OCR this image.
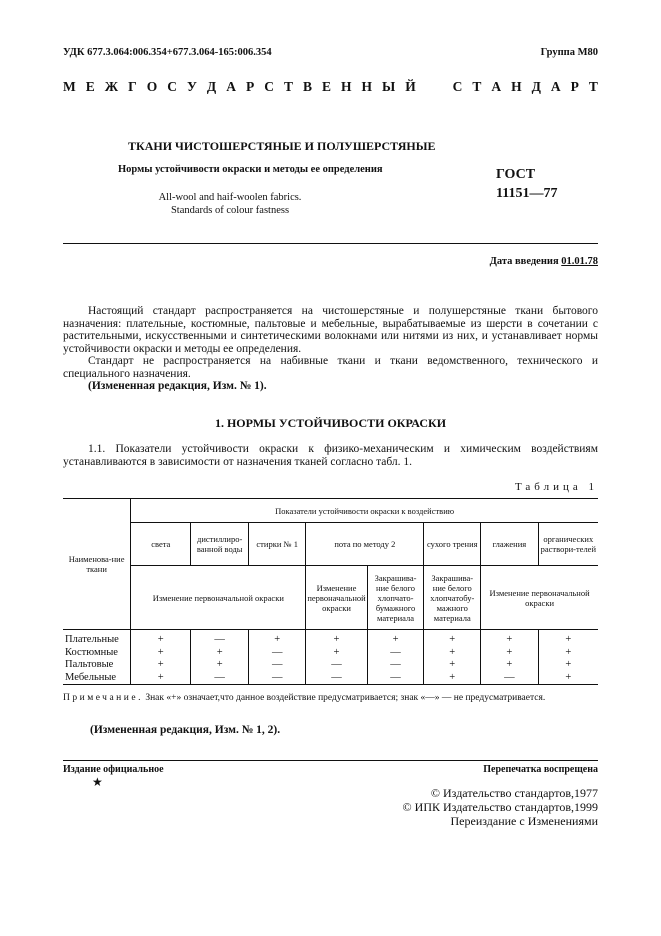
УДК 677.3.064:006.354+677.3.064-165:006.354	Группа М80
М Е Ж Г О С У Д А Р С Т В Е Н Н Ы Й

	С Т А Н Д А Р Т
ТКАНИ ЧИСТОШЕРСТЯНЫЕ И ПОЛУШЕРСТЯНЫЕ
Нормы устойчивости окраски и методы ее определения
All-wool and haif-woolen fabrics.
Standards of colour fastness
ГОСТ
11151—77
Дата введения 01.01.78

Настоящий стандарт распространяется на чистошерстяные и полушерстяные ткани бытового назначения: плательные, костюмные, пальтовые и мебельные, вырабатываемые из шерсти в сочетании с растительными, искусственными и синтетическими волокнами или нитями из них, и устанавливает нормы устойчивости окраски и методы ее определения.

Стандарт не распространяется на набивные ткани и ткани ведомственного, технического и специального назначения.

(Измененная редакция, Изм. № 1).

1. НОРМЫ УСТОЙЧИВОСТИ ОКРАСКИ

1.1. Показатели устойчивости окраски к физико-механическим и химическим воздействиям устанавливаются в зависимости от назначения тканей согласно табл. 1.

Таблица 1
Наименова-ние ткани	Показатели устойчивости окраски к воздействию							
	света	дистиллиро-ванной воды	стирки № 1	пота по методу 2		сухого трения	глажения	органических раствори-телей
	Изменение первоначальной окраски			Изменение первоначальной окраски	Закрашива-ние белого хлопчато-бумажного материала	Закрашива-ние белого хлопчатобу-мажного материала	Изменение первоначальной окраски	
Плательные	+	—	+	+	+	+	+	+
Костюмные	+	+	—	+	—	+	+	+
Пальтовые	+	+	—	—	—	+	+	+
Мебельные	+	—	—	—	—	+	—	+
Примечание. Знак «+» означает,что данное воздействие предусматривается; знак «—» — не предусматривается.
(Измененная редакция, Изм. № 1, 2).
Издание официальное
★
Перепечатка воспрещена
© Издательство стандартов,1977
© ИПК Издательство стандартов,1999
Переиздание с Изменениями
